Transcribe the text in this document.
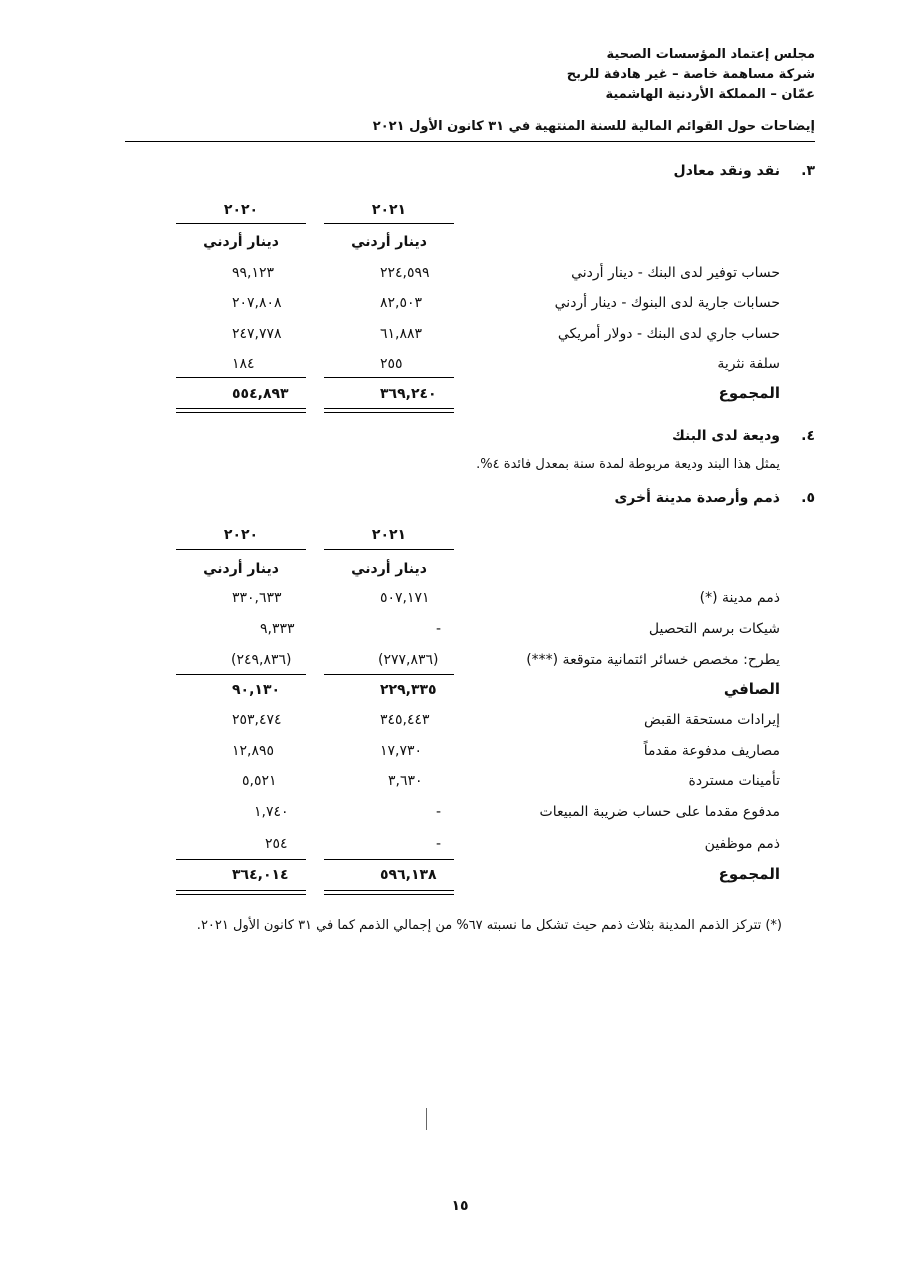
مجلس إعتماد المؤسسات الصحية
شركة مساهمة خاصة – غير هادفة للربح
عمّان – المملكة الأردنية الهاشمية
إيضاحات حول القوائم المالية للسنة المنتهية في ٣١ كانون الأول ٢٠٢١
٣.
نقد ونقد معادل
٢٠٢١
٢٠٢٠
دينار أردني
دينار أردني
حساب توفير لدى البنك - دينار أردني
٢٢٤,٥٩٩
٩٩,١٢٣
حسابات جارية لدى البنوك - دينار أردني
٨٢,٥٠٣
٢٠٧,٨٠٨
حساب جاري لدى البنك - دولار أمريكي
٦١,٨٨٣
٢٤٧,٧٧٨
سلفة نثرية
٢٥٥
١٨٤
المجموع
٣٦٩,٢٤٠
٥٥٤,٨٩٣
٤.
وديعة لدى البنك
يمثل هذا البند وديعة مربوطة لمدة سنة بمعدل فائدة ٤%.
٥.
ذمم وأرصدة مدينة أخرى
٢٠٢١
٢٠٢٠
دينار أردني
دينار أردني
ذمم مدينة (*)
٥٠٧,١٧١
٣٣٠,٦٣٣
شيكات برسم التحصيل
-
٩,٣٣٣
يطرح: مخصص خسائر ائتمانية متوقعة (***)
(٢٧٧,٨٣٦)
(٢٤٩,٨٣٦)
الصافي
٢٢٩,٣٣٥
٩٠,١٣٠
إيرادات مستحقة القبض
٣٤٥,٤٤٣
٢٥٣,٤٧٤
مصاريف مدفوعة مقدماً
١٧,٧٣٠
١٢,٨٩٥
تأمينات مستردة
٣,٦٣٠
٥,٥٢١
مدفوع مقدما على حساب ضريبة المبيعات
-
١,٧٤٠
ذمم موظفين
-
٢٥٤
المجموع
٥٩٦,١٣٨
٣٦٤,٠١٤
(*) تتركز الذمم المدينة بثلاث ذمم حيث تشكل ما نسبته ٦٧% من إجمالي الذمم كما في ٣١ كانون الأول ٢٠٢١.
١٥
